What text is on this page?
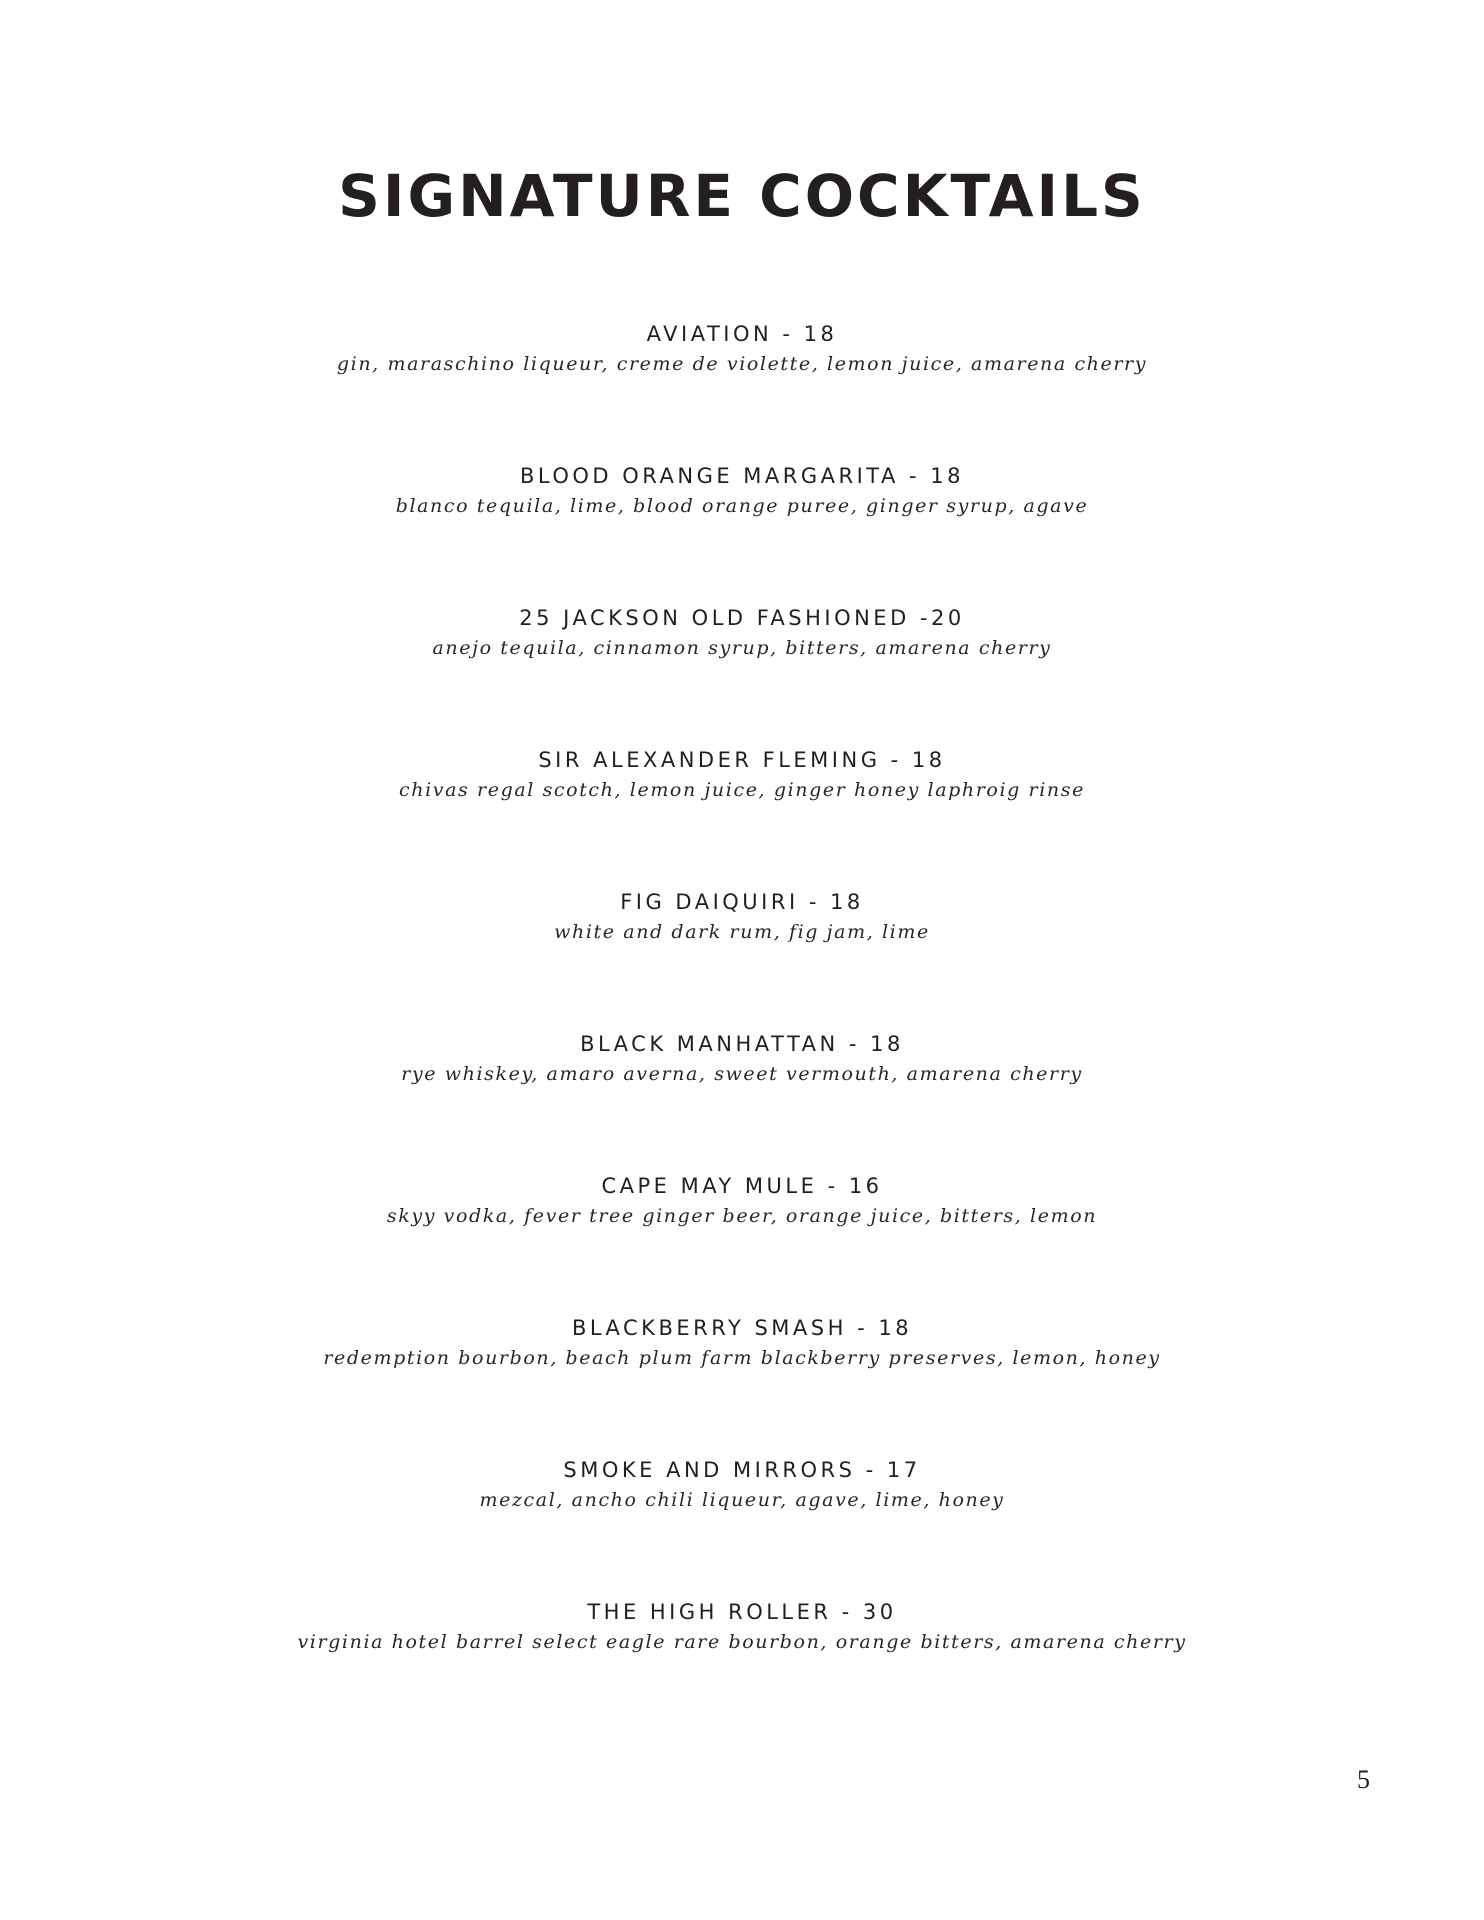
SIGNATURE COCKTAILS
AVIATION - 18
gin, maraschino liqueur, creme de violette, lemon juice, amarena cherry
BLOOD ORANGE MARGARITA - 18
blanco tequila, lime, blood orange puree, ginger syrup, agave
25 JACKSON OLD FASHIONED -20
anejo tequila, cinnamon syrup, bitters, amarena cherry
SIR ALEXANDER FLEMING - 18
chivas regal scotch, lemon juice, ginger honey laphroig rinse
FIG DAIQUIRI - 18
white and dark rum, fig jam, lime
BLACK MANHATTAN - 18
rye whiskey, amaro averna, sweet vermouth, amarena cherry
CAPE MAY MULE - 16
skyy vodka, fever tree ginger beer, orange juice, bitters, lemon
BLACKBERRY SMASH - 18
redemption bourbon, beach plum farm blackberry preserves, lemon, honey
SMOKE AND MIRRORS - 17
mezcal, ancho chili liqueur, agave, lime, honey
THE HIGH ROLLER - 30
virginia hotel barrel select eagle rare bourbon, orange bitters, amarena cherry
5
